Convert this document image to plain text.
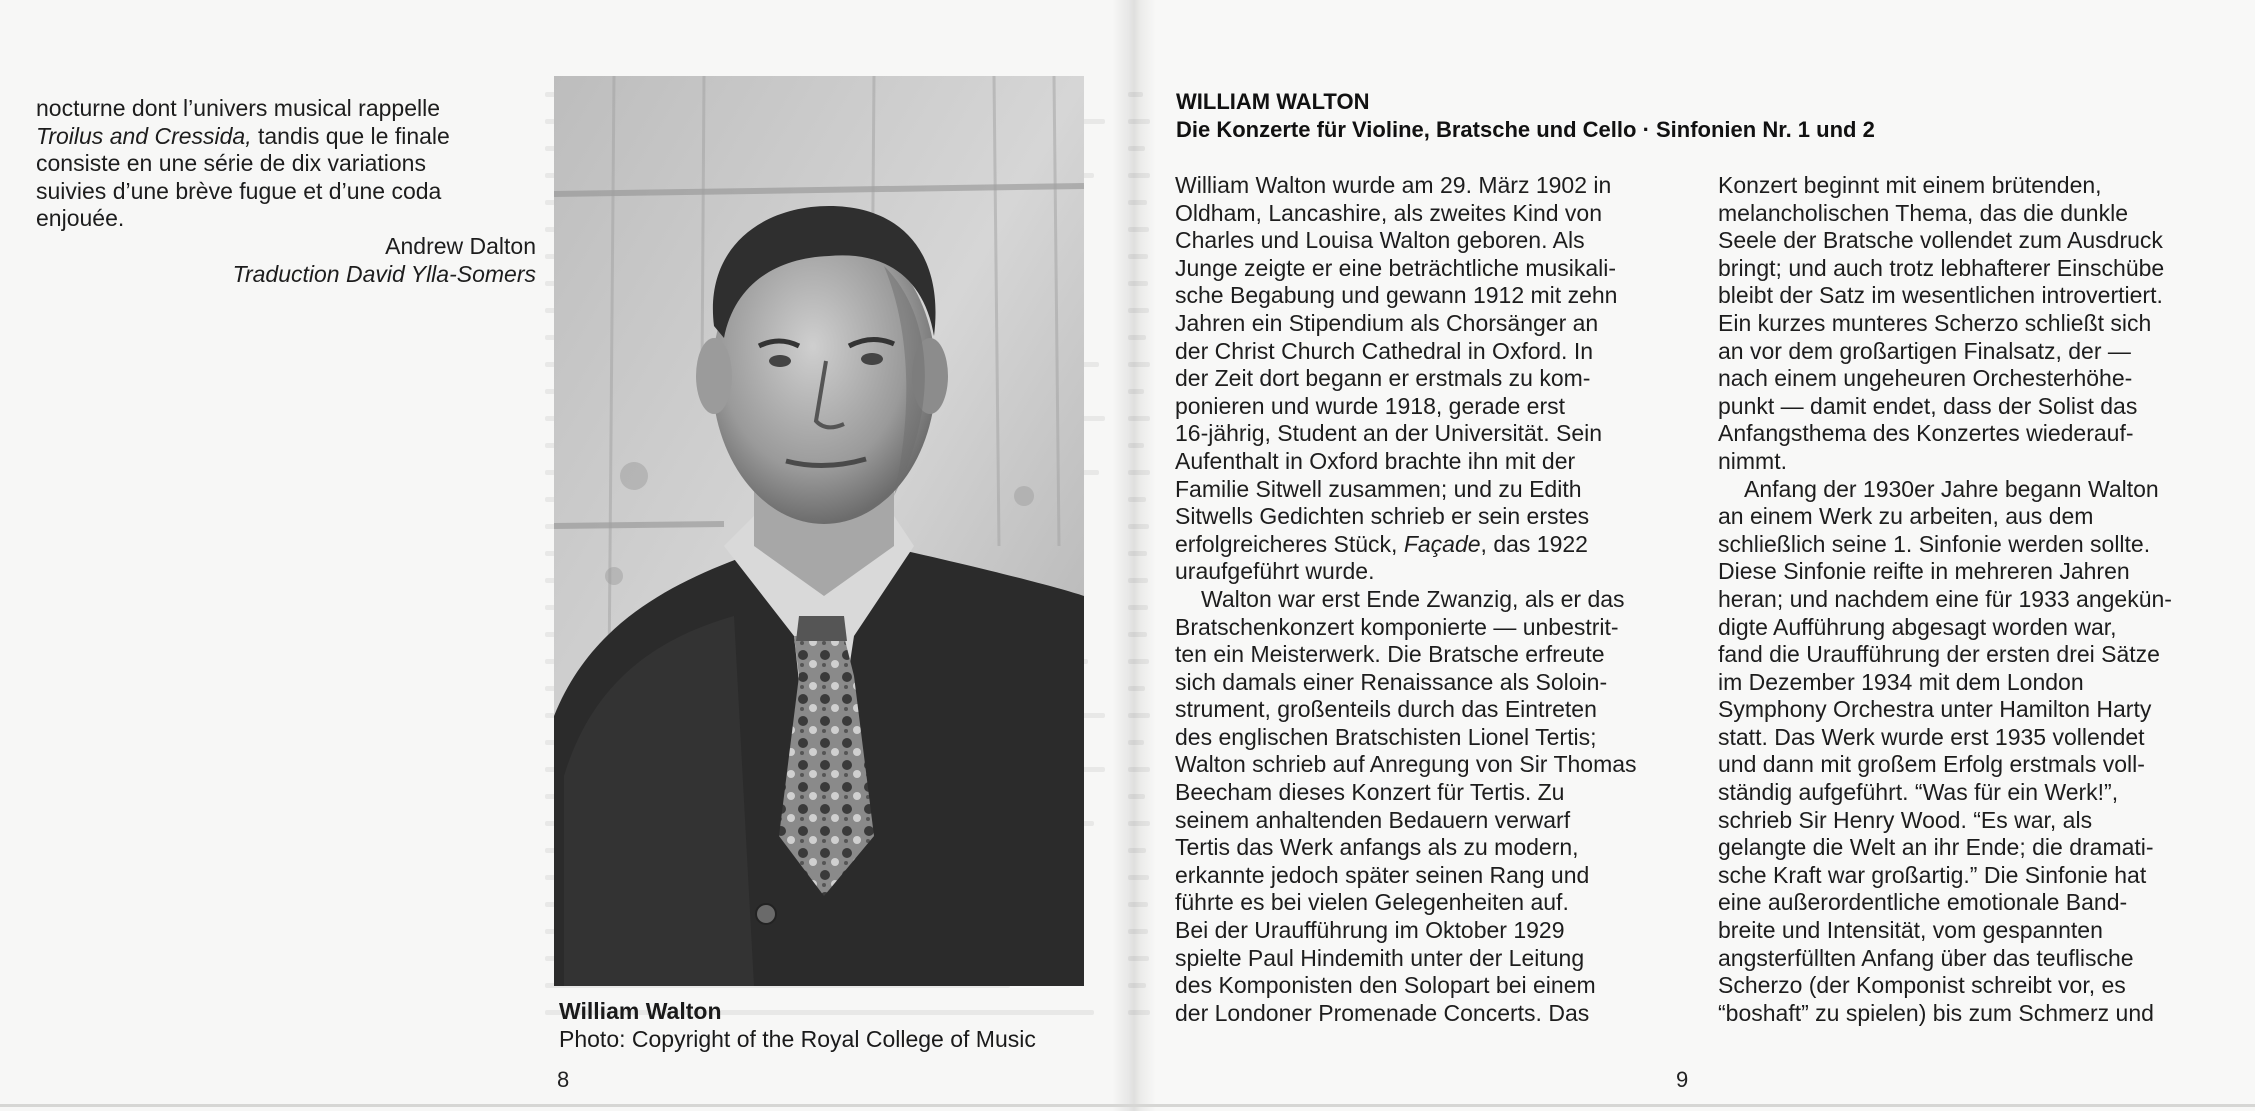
nocturne dont l’univers musical rappelle

Troilus and Cressida, tandis que le finale

consiste en une série de dix variations

suivies d’une brève fugue et d’une coda

enjouée.

Andrew Dalton

Traduction David Ylla-Somers

William Walton
Photo: Copyright of the Royal College of Music
8
WILLIAM WALTON
Die Konzerte für Violine, Bratsche und Cello · Sinfonien Nr. 1 und 2

William Walton wurde am 29. März 1902 in

Oldham, Lancashire, als zweites Kind von

Charles und Louisa Walton geboren. Als

Junge zeigte er eine beträchtliche musikali-

sche Begabung und gewann 1912 mit zehn

Jahren ein Stipendium als Chorsänger an

der Christ Church Cathedral in Oxford. In

der Zeit dort begann er erstmals zu kom-

ponieren und wurde 1918, gerade erst

16-jährig, Student an der Universität. Sein

Aufenthalt in Oxford brachte ihn mit der

Familie Sitwell zusammen; und zu Edith

Sitwells Gedichten schrieb er sein erstes

erfolgreicheres Stück, Façade, das 1922

uraufgeführt wurde.

Walton war erst Ende Zwanzig, als er das

Bratschenkonzert komponierte — unbestrit-

ten ein Meisterwerk. Die Bratsche erfreute

sich damals einer Renaissance als Soloin-

strument, großenteils durch das Eintreten

des englischen Bratschisten Lionel Tertis;

Walton schrieb auf Anregung von Sir Thomas

Beecham dieses Konzert für Tertis. Zu

seinem anhaltenden Bedauern verwarf

Tertis das Werk anfangs als zu modern,

erkannte jedoch später seinen Rang und

führte es bei vielen Gelegenheiten auf.

Bei der Uraufführung im Oktober 1929

spielte Paul Hindemith unter der Leitung

des Komponisten den Solopart bei einem

der Londoner Promenade Concerts. Das

Konzert beginnt mit einem brütenden,

melancholischen Thema, das die dunkle

Seele der Bratsche vollendet zum Ausdruck

bringt; und auch trotz lebhafterer Einschübe

bleibt der Satz im wesentlichen introvertiert.

Ein kurzes munteres Scherzo schließt sich

an vor dem großartigen Finalsatz, der —

nach einem ungeheuren Orchesterhöhe-

punkt — damit endet, dass der Solist das

Anfangsthema des Konzertes wiederauf-

nimmt.

Anfang der 1930er Jahre begann Walton

an einem Werk zu arbeiten, aus dem

schließlich seine 1. Sinfonie werden sollte.

Diese Sinfonie reifte in mehreren Jahren

heran; und nachdem eine für 1933 angekün-

digte Aufführung abgesagt worden war,

fand die Uraufführung der ersten drei Sätze

im Dezember 1934 mit dem London

Symphony Orchestra unter Hamilton Harty

statt. Das Werk wurde erst 1935 vollendet

und dann mit großem Erfolg erstmals voll-

ständig aufgeführt. “Was für ein Werk!”,

schrieb Sir Henry Wood. “Es war, als

gelangte die Welt an ihr Ende; die dramati-

sche Kraft war großartig.” Die Sinfonie hat

eine außerordentliche emotionale Band-

breite und Intensität, vom gespannten

angsterfüllten Anfang über das teuflische

Scherzo (der Komponist schreibt vor, es

“boshaft” zu spielen) bis zum Schmerz und

9
